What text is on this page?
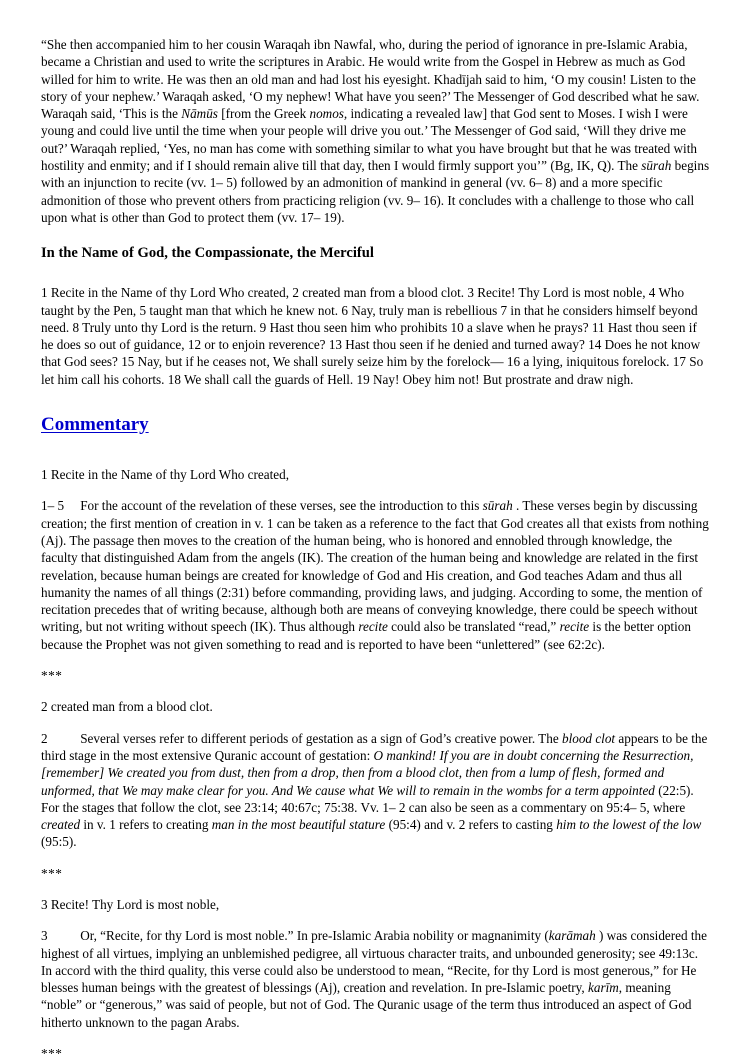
“She then accompanied him to her cousin Waraqah ibn Nawfal, who, during the period of ignorance in pre-Islamic Arabia, became a Christian and used to write the scriptures in Arabic. He would write from the Gospel in Hebrew as much as God willed for him to write. He was then an old man and had lost his eyesight. Khadījah said to him, ‘O my cousin! Listen to the story of your nephew.’ Waraqah asked, ‘O my nephew! What have you seen?’ The Messenger of God described what he saw. Waraqah said, ‘This is the Nāmūs [from the Greek nomos, indicating a revealed law] that God sent to Moses. I wish I were young and could live until the time when your people will drive you out.’ The Messenger of God said, ‘Will they drive me out?’ Waraqah replied, ‘Yes, no man has come with something similar to what you have brought but that he was treated with hostility and enmity; and if I should remain alive till that day, then I would firmly support you’” (Bg, IK, Q). The sūrah begins with an injunction to recite (vv. 1– 5) followed by an admonition of mankind in general (vv. 6– 8) and a more specific admonition of those who prevent others from practicing religion (vv. 9– 16). It concludes with a challenge to those who call upon what is other than God to protect them (vv. 17– 19).

In the Name of God, the Compassionate, the Merciful

1 Recite in the Name of thy Lord Who created, 2 created man from a blood clot. 3 Recite! Thy Lord is most noble, 4 Who taught by the Pen, 5 taught man that which he knew not. 6 Nay, truly man is rebellious 7 in that he considers himself beyond need. 8 Truly unto thy Lord is the return. 9 Hast thou seen him who prohibits 10 a slave when he prays? 11 Hast thou seen if he does so out of guidance, 12 or to enjoin reverence? 13 Hast thou seen if he denied and turned away? 14 Does he not know that God sees? 15 Nay, but if he ceases not, We shall surely seize him by the forelock— 16 a lying, iniquitous forelock. 17 So let him call his cohorts. 18 We shall call the guards of Hell. 19 Nay! Obey him not! But prostrate and draw nigh.

Commentary

1 Recite in the Name of thy Lord Who created,

1– 5   For the account of the revelation of these verses, see the introduction to this sūrah . These verses begin by discussing creation; the first mention of creation in v. 1 can be taken as a reference to the fact that God creates all that exists from nothing (Aj). The passage then moves to the creation of the human being, who is honored and ennobled through knowledge, the faculty that distinguished Adam from the angels (IK). The creation of the human being and knowledge are related in the first revelation, because human beings are created for knowledge of God and His creation, and God teaches Adam and thus all humanity the names of all things (2:31) before commanding, providing laws, and judging. According to some, the mention of recitation precedes that of writing because, although both are means of conveying knowledge, there could be speech without writing, but not writing without speech (IK). Thus although recite could also be translated “read,” recite is the better option because the Prophet was not given something to read and is reported to have been “unlettered” (see 62:2c).

***

2 created man from a blood clot.

2   Several verses refer to different periods of gestation as a sign of God’s creative power. The blood clot appears to be the third stage in the most extensive Quranic account of gestation: O mankind! If you are in doubt concerning the Resurrection, [remember] We created you from dust, then from a drop, then from a blood clot, then from a lump of flesh, formed and unformed, that We may make clear for you. And We cause what We will to remain in the wombs for a term appointed (22:5). For the stages that follow the clot, see 23:14; 40:67c; 75:38. Vv. 1– 2 can also be seen as a commentary on 95:4– 5, where created in v. 1 refers to creating man in the most beautiful stature (95:4) and v. 2 refers to casting him to the lowest of the low (95:5).

***

3 Recite! Thy Lord is most noble,

3   Or, “Recite, for thy Lord is most noble.” In pre-Islamic Arabia nobility or magnanimity (karāmah ) was considered the highest of all virtues, implying an unblemished pedigree, all virtuous character traits, and unbounded generosity; see 49:13c. In accord with the third quality, this verse could also be understood to mean, “Recite, for thy Lord is most generous,” for He blesses human beings with the greatest of blessings (Aj), creation and revelation. In pre-Islamic poetry, karīm, meaning “noble” or “generous,” was said of people, but not of God. The Quranic usage of the term thus introduced an aspect of God hitherto unknown to the pagan Arabs.

***
